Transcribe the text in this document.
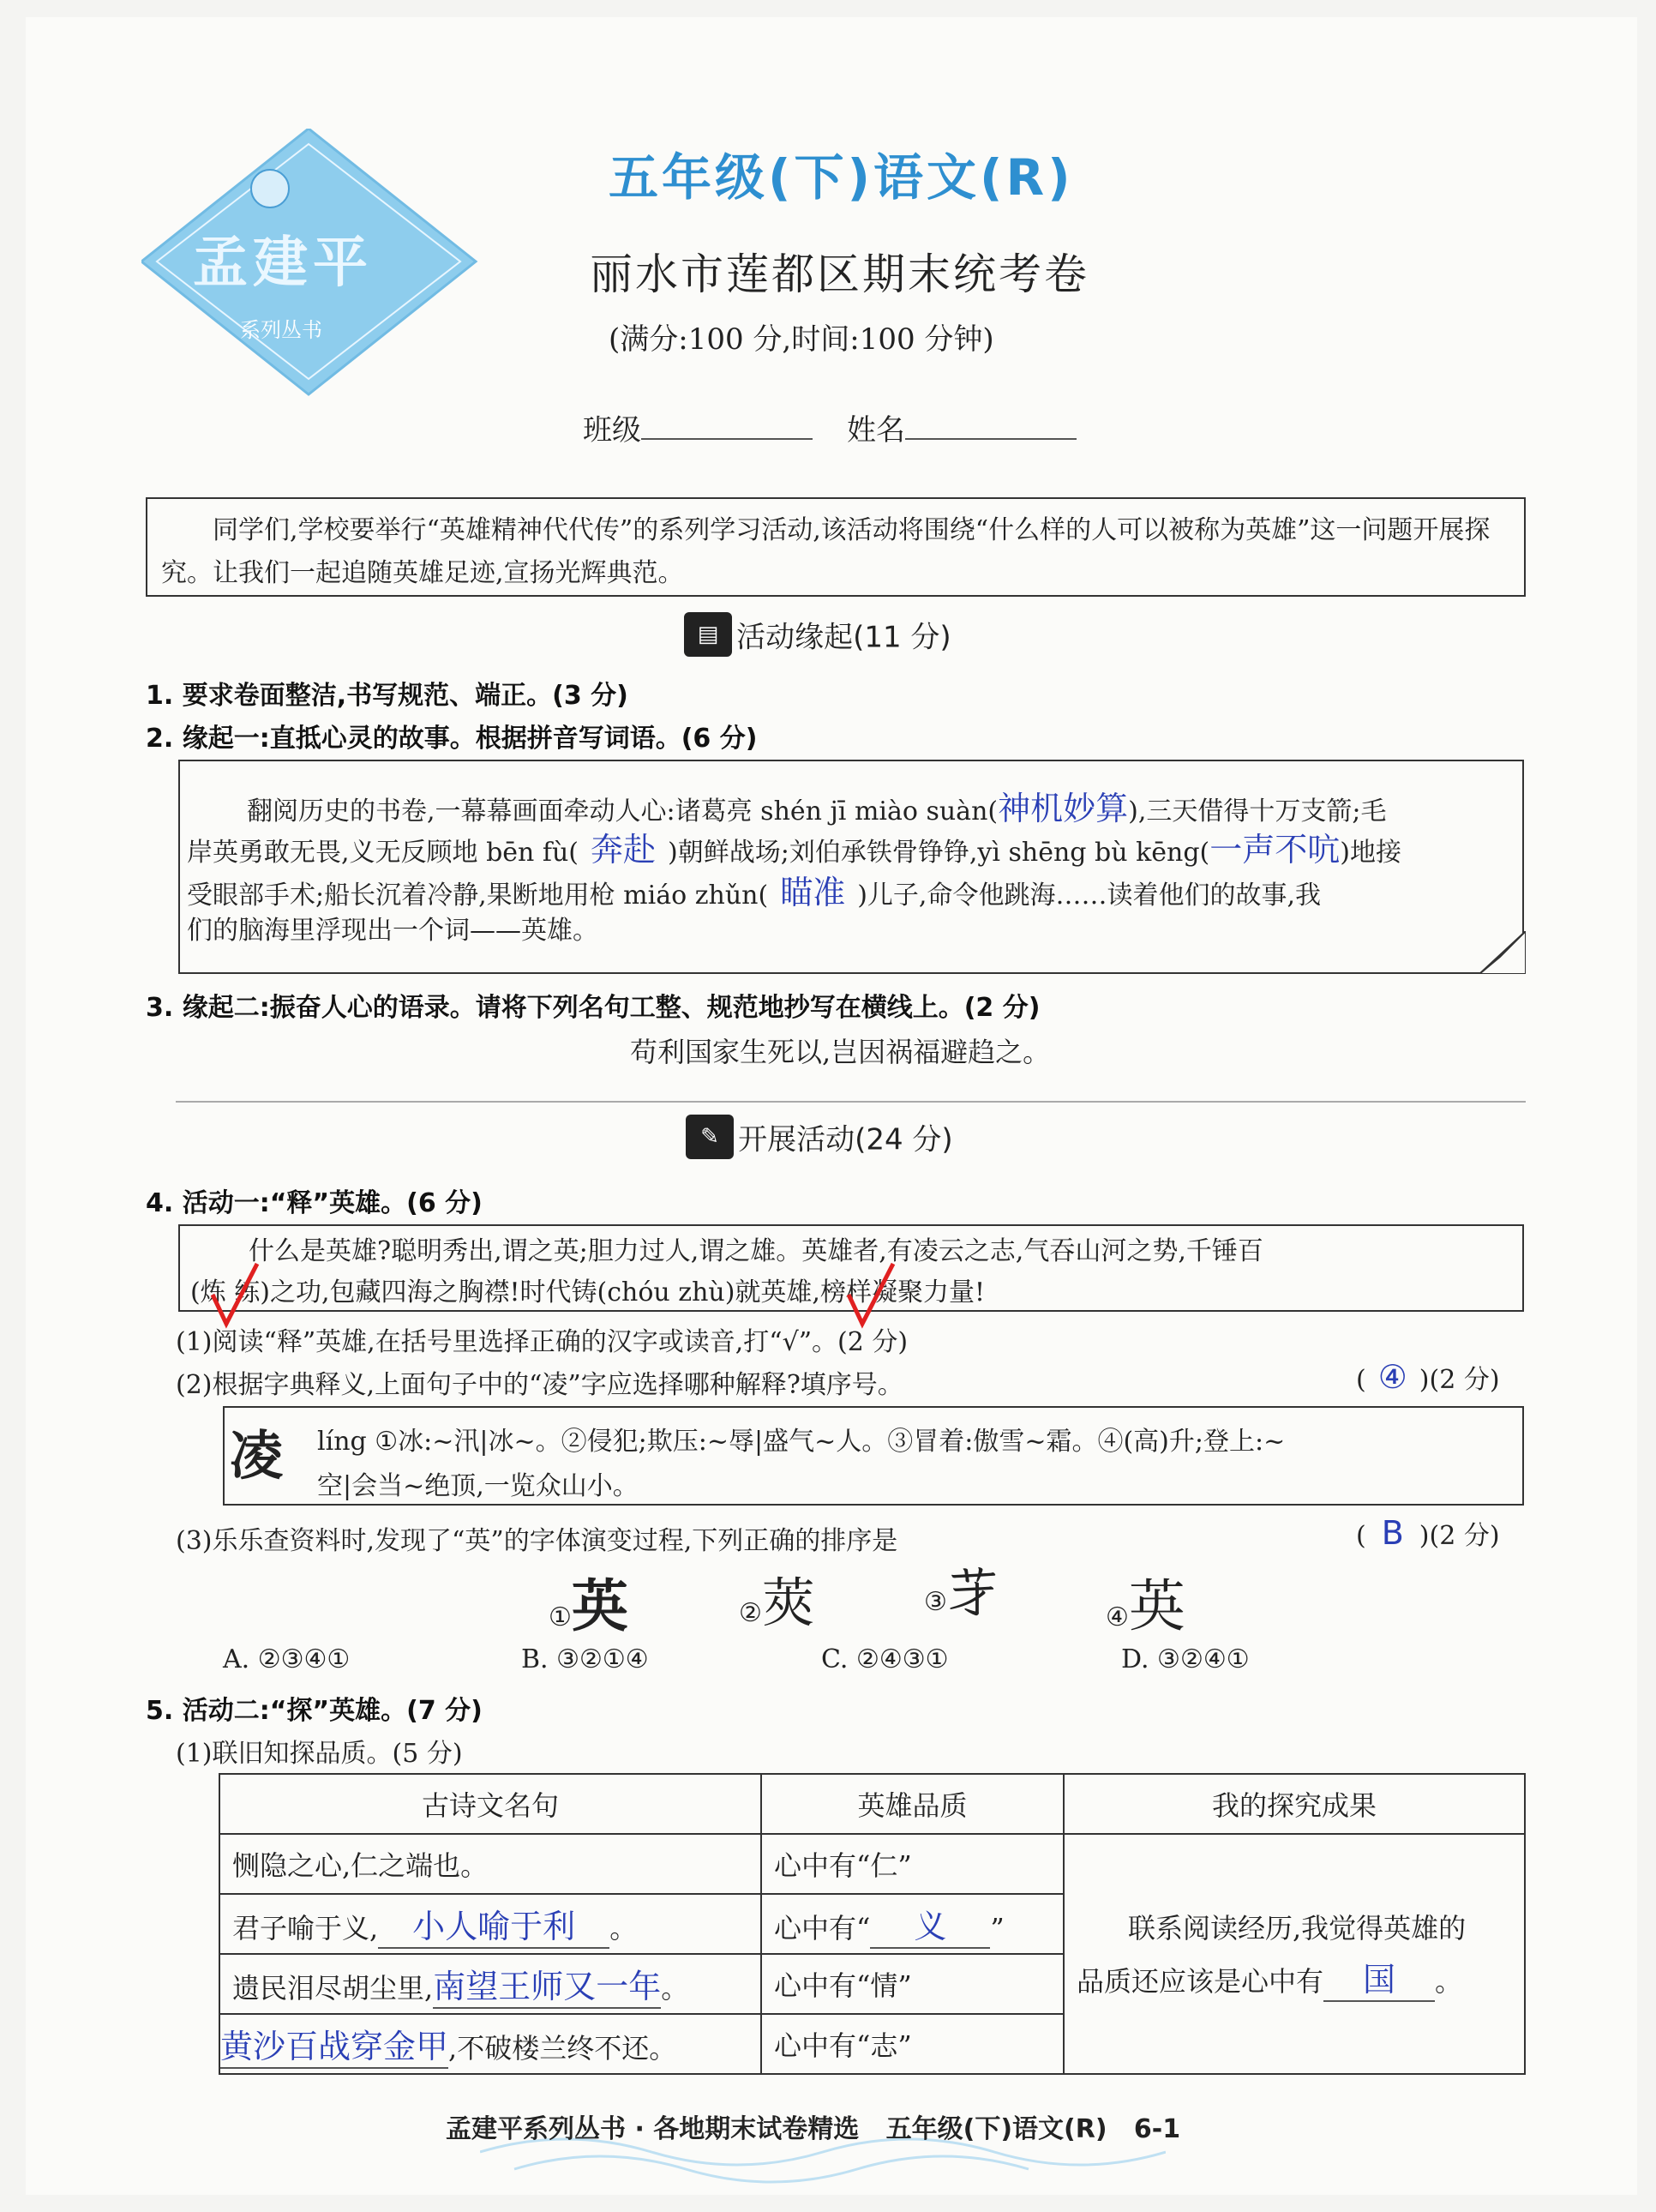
孟建平
系列丛书
五年级(下)语文(R)
丽水市莲都区期末统考卷
(满分:100 分,时间:100 分钟)
班级	姓名
同学们,学校要举行“英雄精神代代传”的系列学习活动,该活动将围绕“什么样的人可以被称为英雄”这一问题开展探究。让我们一起追随英雄足迹,宣扬光辉典范。
▤ 活动缘起(11 分)
1. 要求卷面整洁,书写规范、端正。(3 分)
2. 缘起一:直抵心灵的故事。根据拼音写词语。(6 分)
翻阅历史的书卷,一幕幕画面牵动人心:诸葛亮 shén jī miào suàn(神机妙算),三天借得十万支箭;毛
岸英勇敢无畏,义无反顾地 bēn fù( 奔赴 )朝鲜战场;刘伯承铁骨铮铮,yì shēng bù kēng(一声不吭)地接
受眼部手术;船长沉着冷静,果断地用枪 miáo zhǔn( 瞄准 )儿子,命令他跳海……读着他们的故事,我
们的脑海里浮现出一个词——英雄。
3. 缘起二:振奋人心的语录。请将下列名句工整、规范地抄写在横线上。(2 分)
苟利国家生死以,岂因祸福避趋之。
✎ 开展活动(24 分)
4. 活动一:“释”英雄。(6 分)
什么是英雄?聪明秀出,谓之英;胆力过人,谓之雄。英雄者,有凌云之志,气吞山河之势,千锤百
(炼 练)之功,包藏四海之胸襟!时代铸(chóu zhù)就英雄,榜样凝聚力量!
(1)阅读“释”英雄,在括号里选择正确的汉字或读音,打“√”。(2 分)
(2)根据字典释义,上面句子中的“凌”字应选择哪种解释?填序号。	( ④ )(2 分)
凌 líng ①冰:~汛|冰~。②侵犯;欺压:~辱|盛气~人。③冒着:傲雪~霜。④(高)升;登上:~
空|会当~绝顶,一览众山小。
(3)乐乐查资料时,发现了“英”的字体演变过程,下列正确的排序是	( B )(2 分)
①英	②莢	③𦬁	④英
A. ②③④①	B. ③②①④	C. ②④③①	D. ③②④①
5. 活动二:“探”英雄。(7 分)
(1)联旧知探品质。(5 分)
古诗文名句	英雄品质	我的探究成果
恻隐之心,仁之端也。	心中有“仁”	联系阅读经历,我觉得英雄的
品质还应该是心中有 国 。

君子喻于义, 小人喻于利 。	心中有“ 义 ”	
遗民泪尽胡尘里,南望王师又一年。	心中有“情”	
黄沙百战穿金甲,不破楼兰终不还。	心中有“志”	
孟建平系列丛书 · 各地期末试卷精选   五年级(下)语文(R)   6-1
